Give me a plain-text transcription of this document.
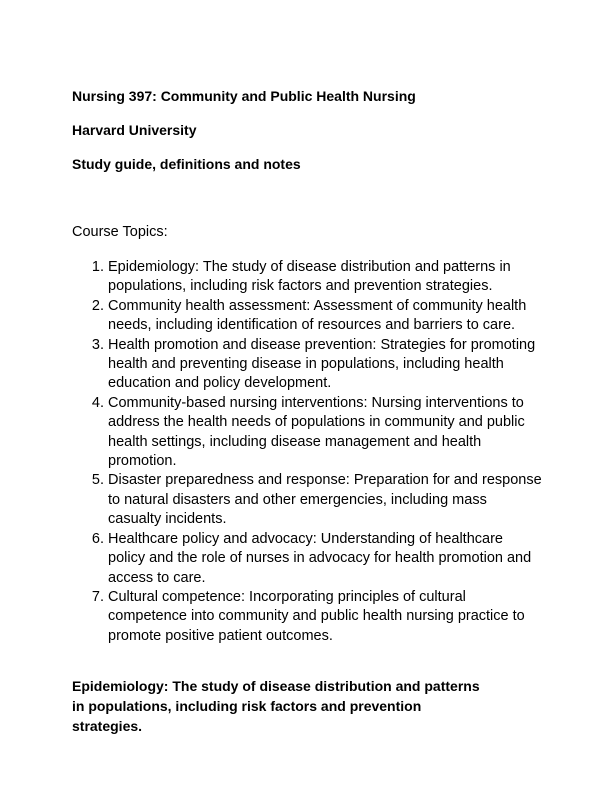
Nursing 397: Community and Public Health Nursing

Harvard University

Study guide, definitions and notes

Course Topics:

1. Epidemiology: The study of disease distribution and patterns in populations, including risk factors and prevention strategies.
2. Community health assessment: Assessment of community health needs, including identification of resources and barriers to care.
3. Health promotion and disease prevention: Strategies for promoting health and preventing disease in populations, including health education and policy development.
4. Community-based nursing interventions: Nursing interventions to address the health needs of populations in community and public health settings, including disease management and health promotion.
5. Disaster preparedness and response: Preparation for and response to natural disasters and other emergencies, including mass casualty incidents.
6. Healthcare policy and advocacy: Understanding of healthcare policy and the role of nurses in advocacy for health promotion and access to care.
7. Cultural competence: Incorporating principles of cultural competence into community and public health nursing practice to promote positive patient outcomes.

Epidemiology: The study of disease distribution and patterns in populations, including risk factors and prevention strategies.
